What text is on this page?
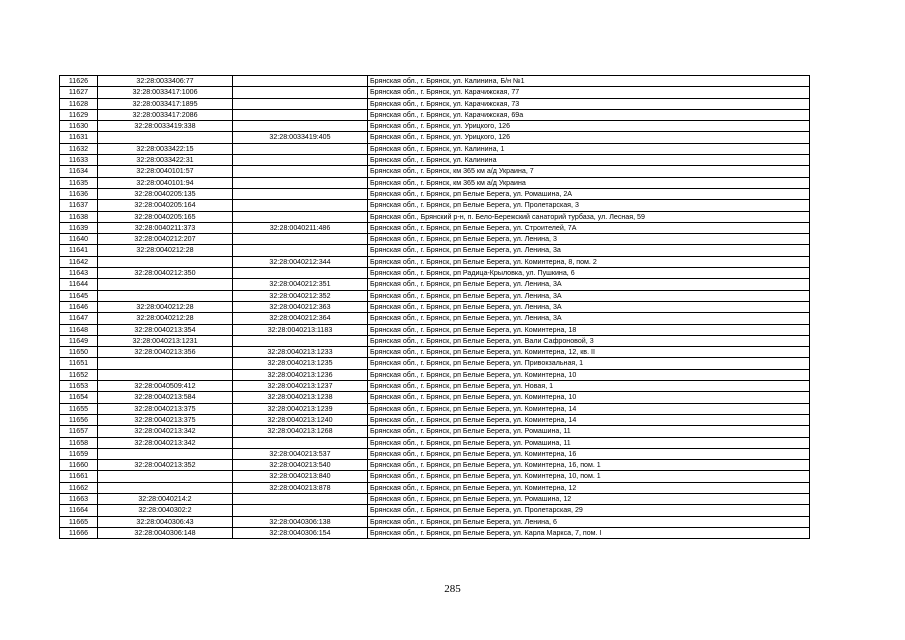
11626	32:28:0033406:77		Брянская обл., г. Брянск, ул. Калинина, Б/н №1
11627	32:28:0033417:1006		Брянская обл., г. Брянск, ул. Карачижская, 77
11628	32:28:0033417:1895		Брянская обл., г. Брянск, ул. Карачижская, 73
11629	32:28:0033417:2086		Брянская обл., г. Брянск, ул. Карачижская, 69а
11630	32:28:0033419:338		Брянская обл., г. Брянск, ул. Урицкого, 126
11631		32:28:0033419:405	Брянская обл., г. Брянск, ул. Урицкого, 126
11632	32:28:0033422:15		Брянская обл., г. Брянск, ул. Калинина, 1
11633	32:28:0033422:31		Брянская обл., г. Брянск, ул. Калинина
11634	32:28:0040101:57		Брянская обл., г. Брянск, км 365 км а/д Украина, 7
11635	32:28:0040101:94		Брянская обл., г. Брянск, км 365 км а/д Украина
11636	32:28:0040205:135		Брянская обл., г. Брянск, рп Белые Берега, ул. Ромашина, 2А
11637	32:28:0040205:164		Брянская обл., г. Брянск, рп Белые Берега, ул. Пролетарская, 3
11638	32:28:0040205:165		Брянская обл., Брянский р-н, п. Бело-Бережский санаторий турбаза, ул. Лесная, 59
11639	32:28:0040211:373	32:28:0040211:486	Брянская обл., г. Брянск, рп Белые Берега, ул. Строителей, 7А
11640	32:28:0040212:207		Брянская обл., г. Брянск, рп Белые Берега, ул. Ленина, 3
11641	32:28:0040212:28		Брянская обл., г. Брянск, рп Белые Берега, ул. Ленина, 3а
11642		32:28:0040212:344	Брянская обл., г. Брянск, рп Белые Берега, ул. Коминтерна, 8, пом. 2
11643	32:28:0040212:350		Брянская обл., г. Брянск, рп Радица-Крыловка, ул. Пушкина, 6
11644		32:28:0040212:351	Брянская обл., г. Брянск, рп Белые Берега, ул. Ленина, 3А
11645		32:28:0040212:352	Брянская обл., г. Брянск, рп Белые Берега, ул. Ленина, 3А
11646	32:28:0040212:28	32:28:0040212:363	Брянская обл., г. Брянск, рп Белые Берега, ул. Ленина, 3А
11647	32:28:0040212:28	32:28:0040212:364	Брянская обл., г. Брянск, рп Белые Берега, ул. Ленина, 3А
11648	32:28:0040213:354	32:28:0040213:1183	Брянская обл., г. Брянск, рп Белые Берега, ул. Коминтерна, 18
11649	32:28:0040213:1231		Брянская обл., г. Брянск, рп Белые Берега, ул. Вали Сафроновой, 3
11650	32:28:0040213:356	32:28:0040213:1233	Брянская обл., г. Брянск, рп Белые Берега, ул. Коминтерна, 12, кв. II
11651		32:28:0040213:1235	Брянская обл., г. Брянск, рп Белые Берега, ул. Привокзальная, 1
11652		32:28:0040213:1236	Брянская обл., г. Брянск, рп Белые Берега, ул. Коминтерна, 10
11653	32:28:0040509:412	32:28:0040213:1237	Брянская обл., г. Брянск, рп Белые Берега, ул. Новая, 1
11654	32:28:0040213:584	32:28:0040213:1238	Брянская обл., г. Брянск, рп Белые Берега, ул. Коминтерна, 10
11655	32:28:0040213:375	32:28:0040213:1239	Брянская обл., г. Брянск, рп Белые Берега, ул. Коминтерна, 14
11656	32:28:0040213:375	32:28:0040213:1240	Брянская обл., г. Брянск, рп Белые Берега, ул. Коминтерна, 14
11657	32:28:0040213:342	32:28:0040213:1268	Брянская обл., г. Брянск, рп Белые Берега, ул. Ромашина, 11
11658	32:28:0040213:342		Брянская обл., г. Брянск, рп Белые Берега, ул. Ромашина, 11
11659		32:28:0040213:537	Брянская обл., г. Брянск, рп Белые Берега, ул. Коминтерна, 16
11660	32:28:0040213:352	32:28:0040213:540	Брянская обл., г. Брянск, рп Белые Берега, ул. Коминтерна, 16, пом. 1
11661		32:28:0040213:840	Брянская обл., г. Брянск, рп Белые Берега, ул. Коминтерна, 10, пом. 1
11662		32:28:0040213:878	Брянская обл., г. Брянск, рп Белые Берега, ул. Коминтерна, 12
11663	32:28:0040214:2		Брянская обл., г. Брянск, рп Белые Берега, ул. Ромашина, 12
11664	32:28:0040302:2		Брянская обл., г. Брянск, рп Белые Берега, ул. Пролетарская, 29
11665	32:28:0040306:43	32:28:0040306:138	Брянская обл., г. Брянск, рп Белые Берега, ул. Ленина, 6
11666	32:28:0040306:148	32:28:0040306:154	Брянская обл., г. Брянск, рп Белые Берега, ул. Карла Маркса, 7, пом. I
285
